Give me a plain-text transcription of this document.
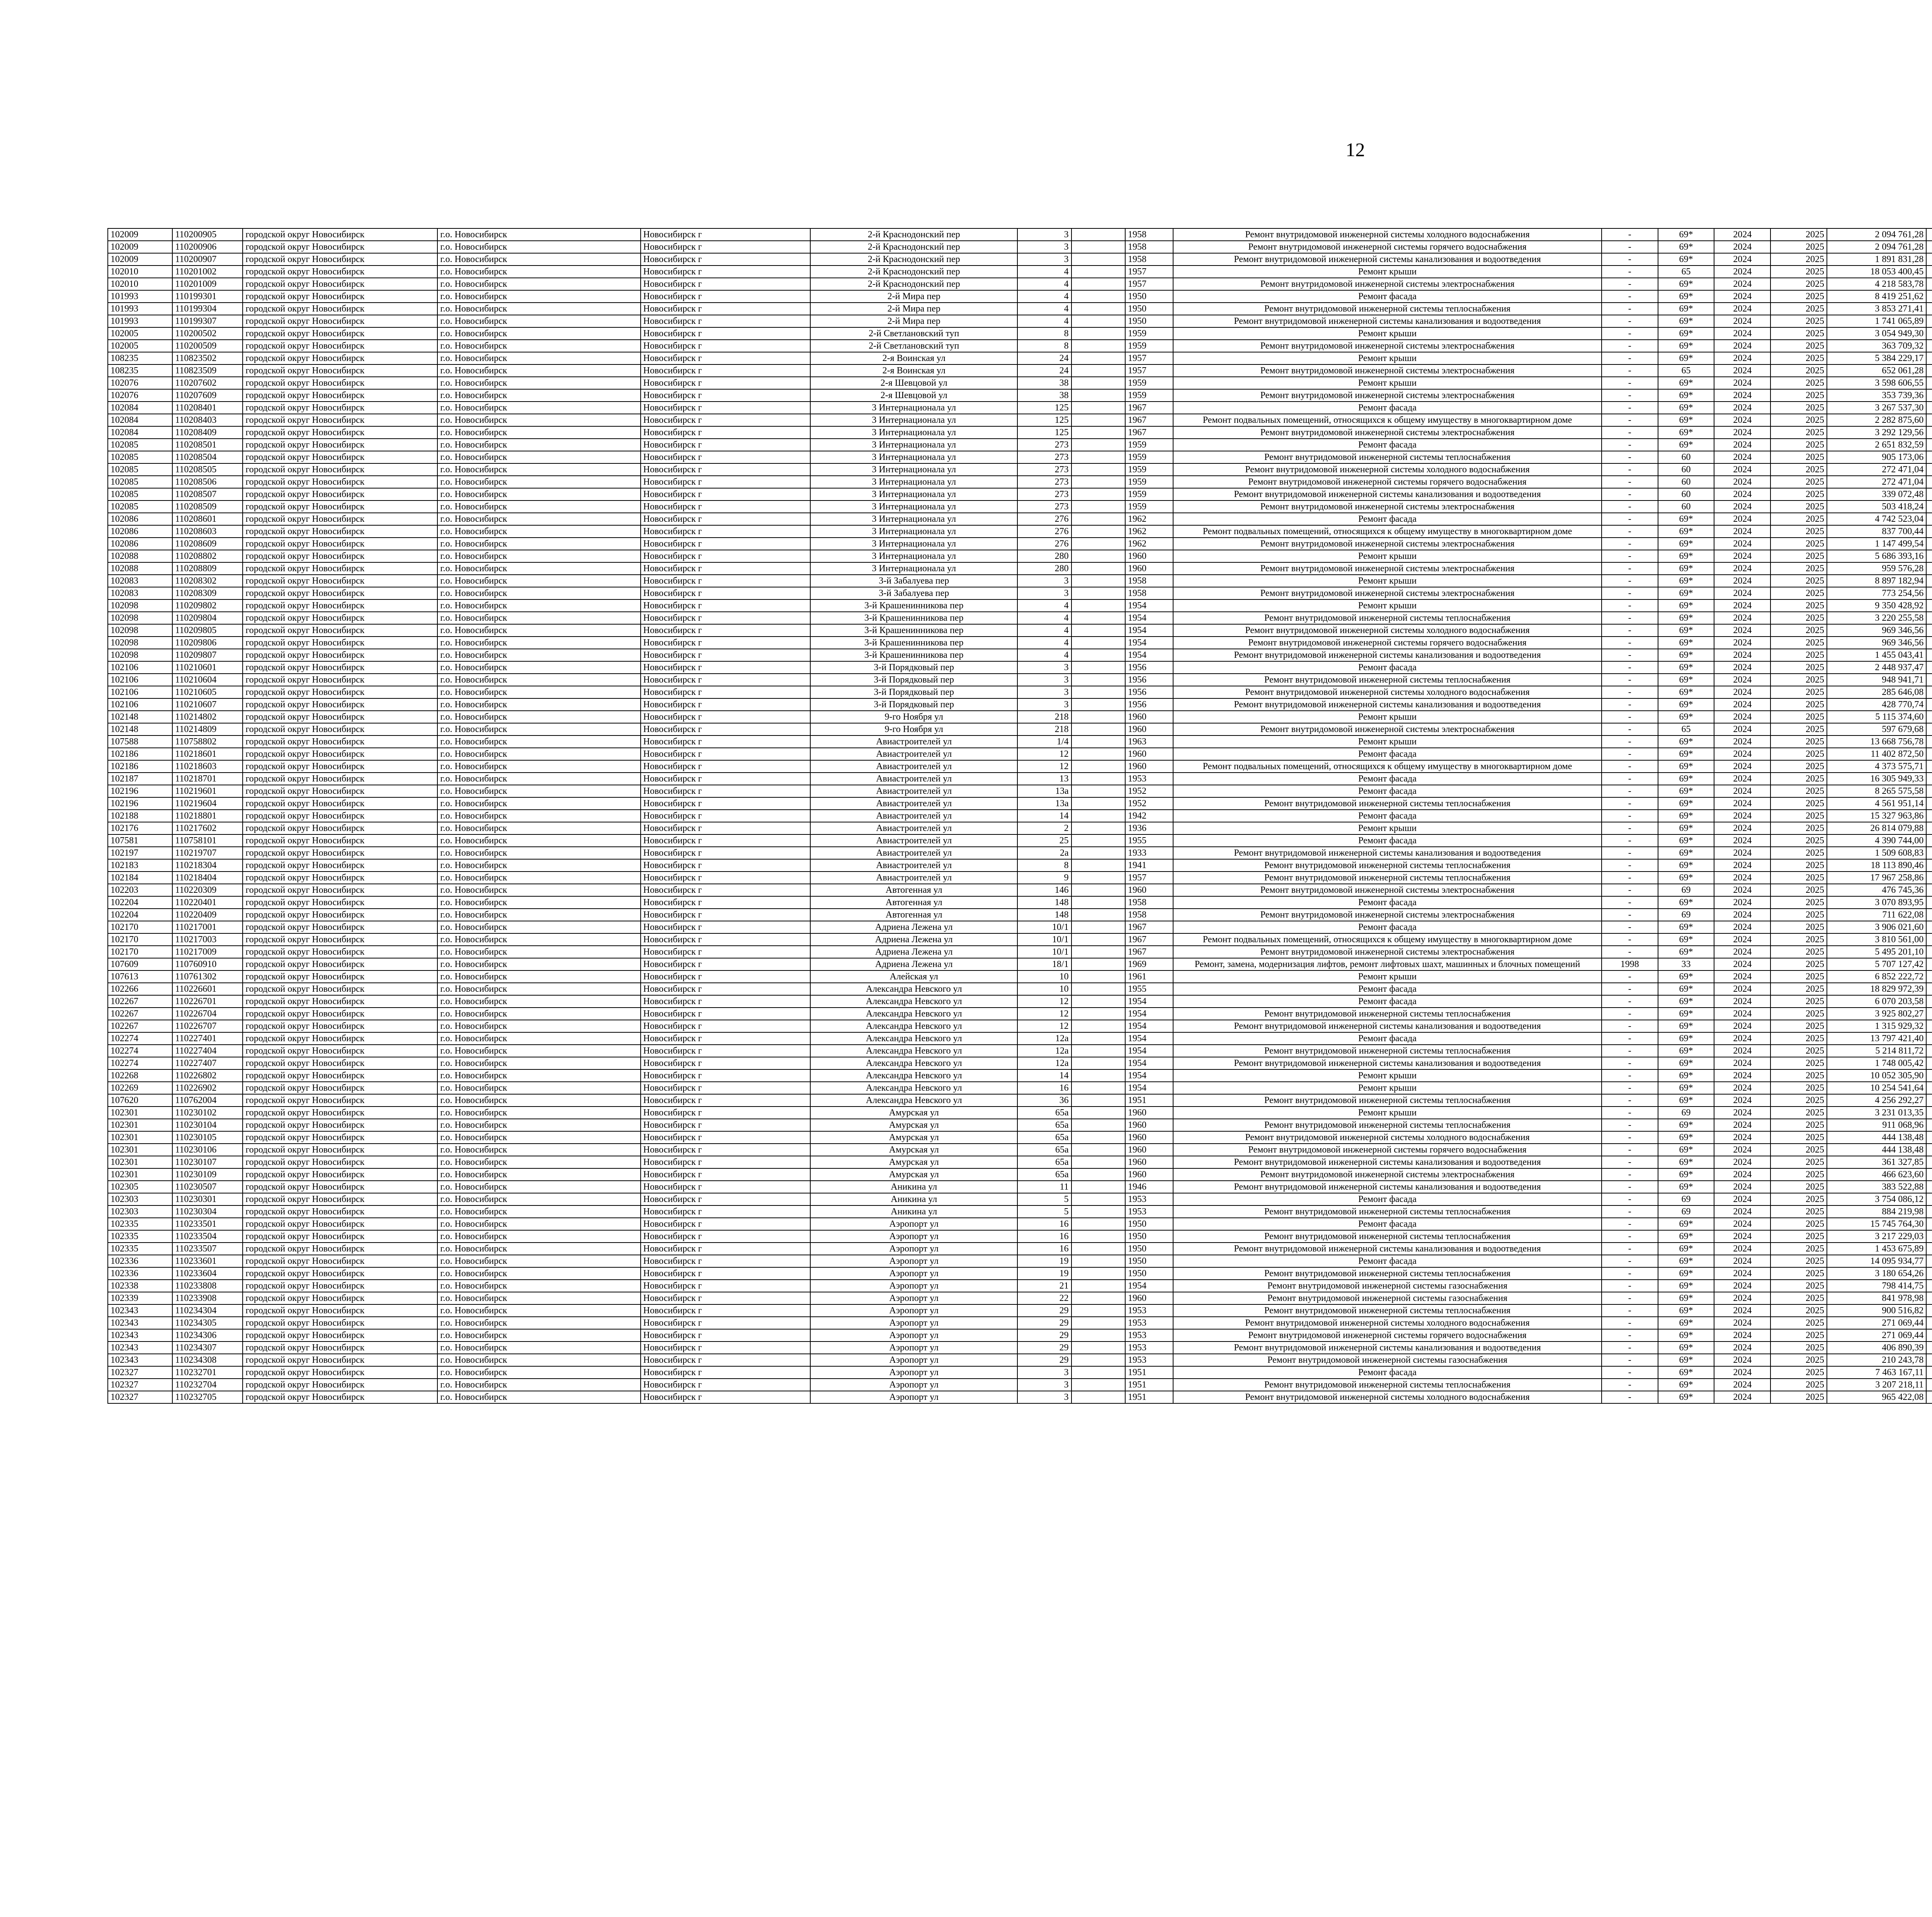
12
102009	110200905	городской округ Новосибирск	г.о. Новосибирск	Новосибирск г	2-й Краснодонский пер	3		1958	Ремонт внутридомовой инженерной системы холодного водоснабжения	-	69*	2024	2025	2 094 761,28						
102009	110200906	городской округ Новосибирск	г.о. Новосибирск	Новосибирск г	2-й Краснодонский пер	3		1958	Ремонт внутридомовой инженерной системы горячего водоснабжения	-	69*	2024	2025	2 094 761,28						
102009	110200907	городской округ Новосибирск	г.о. Новосибирск	Новосибирск г	2-й Краснодонский пер	3		1958	Ремонт внутридомовой инженерной системы канализования и водоотведения	-	69*	2024	2025	1 891 831,28						
102010	110201002	городской округ Новосибирск	г.о. Новосибирск	Новосибирск г	2-й Краснодонский пер	4		1957	Ремонт крыши	-	65	2024	2025	18 053 400,45						
102010	110201009	городской округ Новосибирск	г.о. Новосибирск	Новосибирск г	2-й Краснодонский пер	4		1957	Ремонт внутридомовой инженерной системы электроснабжения	-	69*	2024	2025	4 218 583,78						
101993	110199301	городской округ Новосибирск	г.о. Новосибирск	Новосибирск г	2-й Мира пер	4		1950	Ремонт фасада	-	69*	2024	2025	8 419 251,62						
101993	110199304	городской округ Новосибирск	г.о. Новосибирск	Новосибирск г	2-й Мира пер	4		1950	Ремонт внутридомовой инженерной системы теплоснабжения	-	69*	2024	2025	3 853 271,41						
101993	110199307	городской округ Новосибирск	г.о. Новосибирск	Новосибирск г	2-й Мира пер	4		1950	Ремонт внутридомовой инженерной системы канализования и водоотведения	-	69*	2024	2025	1 741 065,89						
102005	110200502	городской округ Новосибирск	г.о. Новосибирск	Новосибирск г	2-й Светлановский туп	8		1959	Ремонт крыши	-	69*	2024	2025	3 054 949,30						
102005	110200509	городской округ Новосибирск	г.о. Новосибирск	Новосибирск г	2-й Светлановский туп	8		1959	Ремонт внутридомовой инженерной системы электроснабжения	-	69*	2024	2025	363 709,32						
108235	110823502	городской округ Новосибирск	г.о. Новосибирск	Новосибирск г	2-я Воинская ул	24		1957	Ремонт крыши	-	69*	2024	2025	5 384 229,17						
108235	110823509	городской округ Новосибирск	г.о. Новосибирск	Новосибирск г	2-я Воинская ул	24		1957	Ремонт внутридомовой инженерной системы электроснабжения	-	65	2024	2025	652 061,28						
102076	110207602	городской округ Новосибирск	г.о. Новосибирск	Новосибирск г	2-я Шевцовой ул	38		1959	Ремонт крыши	-	69*	2024	2025	3 598 606,55						
102076	110207609	городской округ Новосибирск	г.о. Новосибирск	Новосибирск г	2-я Шевцовой ул	38		1959	Ремонт внутридомовой инженерной системы электроснабжения	-	69*	2024	2025	353 739,36						
102084	110208401	городской округ Новосибирск	г.о. Новосибирск	Новосибирск г	3 Интернационала ул	125		1967	Ремонт фасада	-	69*	2024	2025	3 267 537,30						
102084	110208403	городской округ Новосибирск	г.о. Новосибирск	Новосибирск г	3 Интернационала ул	125		1967	Ремонт подвальных помещений, относящихся к общему имуществу в многоквартирном доме	-	69*	2024	2025	2 282 875,60						
102084	110208409	городской округ Новосибирск	г.о. Новосибирск	Новосибирск г	3 Интернационала ул	125		1967	Ремонт внутридомовой инженерной системы электроснабжения	-	69*	2024	2025	3 292 129,56						
102085	110208501	городской округ Новосибирск	г.о. Новосибирск	Новосибирск г	3 Интернационала ул	273		1959	Ремонт фасада	-	69*	2024	2025	2 651 832,59						
102085	110208504	городской округ Новосибирск	г.о. Новосибирск	Новосибирск г	3 Интернационала ул	273		1959	Ремонт внутридомовой инженерной системы теплоснабжения	-	60	2024	2025	905 173,06						
102085	110208505	городской округ Новосибирск	г.о. Новосибирск	Новосибирск г	3 Интернационала ул	273		1959	Ремонт внутридомовой инженерной системы холодного водоснабжения	-	60	2024	2025	272 471,04						
102085	110208506	городской округ Новосибирск	г.о. Новосибирск	Новосибирск г	3 Интернационала ул	273		1959	Ремонт внутридомовой инженерной системы горячего водоснабжения	-	60	2024	2025	272 471,04						
102085	110208507	городской округ Новосибирск	г.о. Новосибирск	Новосибирск г	3 Интернационала ул	273		1959	Ремонт внутридомовой инженерной системы канализования и водоотведения	-	60	2024	2025	339 072,48						
102085	110208509	городской округ Новосибирск	г.о. Новосибирск	Новосибирск г	3 Интернационала ул	273		1959	Ремонт внутридомовой инженерной системы электроснабжения	-	60	2024	2025	503 418,24						
102086	110208601	городской округ Новосибирск	г.о. Новосибирск	Новосибирск г	3 Интернационала ул	276		1962	Ремонт фасада	-	69*	2024	2025	4 742 523,04						
102086	110208603	городской округ Новосибирск	г.о. Новосибирск	Новосибирск г	3 Интернационала ул	276		1962	Ремонт подвальных помещений, относящихся к общему имуществу в многоквартирном доме	-	69*	2024	2025	837 700,44						
102086	110208609	городской округ Новосибирск	г.о. Новосибирск	Новосибирск г	3 Интернационала ул	276		1962	Ремонт внутридомовой инженерной системы электроснабжения	-	69*	2024	2025	1 147 499,54						
102088	110208802	городской округ Новосибирск	г.о. Новосибирск	Новосибирск г	3 Интернационала ул	280		1960	Ремонт крыши	-	69*	2024	2025	5 686 393,16						
102088	110208809	городской округ Новосибирск	г.о. Новосибирск	Новосибирск г	3 Интернационала ул	280		1960	Ремонт внутридомовой инженерной системы электроснабжения	-	69*	2024	2025	959 576,28						
102083	110208302	городской округ Новосибирск	г.о. Новосибирск	Новосибирск г	3-й Забалуева пер	3		1958	Ремонт крыши	-	69*	2024	2025	8 897 182,94						
102083	110208309	городской округ Новосибирск	г.о. Новосибирск	Новосибирск г	3-й Забалуева пер	3		1958	Ремонт внутридомовой инженерной системы электроснабжения	-	69*	2024	2025	773 254,56						
102098	110209802	городской округ Новосибирск	г.о. Новосибирск	Новосибирск г	3-й Крашенинникова пер	4		1954	Ремонт крыши	-	69*	2024	2025	9 350 428,92						
102098	110209804	городской округ Новосибирск	г.о. Новосибирск	Новосибирск г	3-й Крашенинникова пер	4		1954	Ремонт внутридомовой инженерной системы теплоснабжения	-	69*	2024	2025	3 220 255,58						
102098	110209805	городской округ Новосибирск	г.о. Новосибирск	Новосибирск г	3-й Крашенинникова пер	4		1954	Ремонт внутридомовой инженерной системы холодного водоснабжения	-	69*	2024	2025	969 346,56						
102098	110209806	городской округ Новосибирск	г.о. Новосибирск	Новосибирск г	3-й Крашенинникова пер	4		1954	Ремонт внутридомовой инженерной системы горячего водоснабжения	-	69*	2024	2025	969 346,56						
102098	110209807	городской округ Новосибирск	г.о. Новосибирск	Новосибирск г	3-й Крашенинникова пер	4		1954	Ремонт внутридомовой инженерной системы канализования и водоотведения	-	69*	2024	2025	1 455 043,41						
102106	110210601	городской округ Новосибирск	г.о. Новосибирск	Новосибирск г	3-й Порядковый пер	3		1956	Ремонт фасада	-	69*	2024	2025	2 448 937,47						
102106	110210604	городской округ Новосибирск	г.о. Новосибирск	Новосибирск г	3-й Порядковый пер	3		1956	Ремонт внутридомовой инженерной системы теплоснабжения	-	69*	2024	2025	948 941,71						
102106	110210605	городской округ Новосибирск	г.о. Новосибирск	Новосибирск г	3-й Порядковый пер	3		1956	Ремонт внутридомовой инженерной системы холодного водоснабжения	-	69*	2024	2025	285 646,08						
102106	110210607	городской округ Новосибирск	г.о. Новосибирск	Новосибирск г	3-й Порядковый пер	3		1956	Ремонт внутридомовой инженерной системы канализования и водоотведения	-	69*	2024	2025	428 770,74						
102148	110214802	городской округ Новосибирск	г.о. Новосибирск	Новосибирск г	9-го Ноября ул	218		1960	Ремонт крыши	-	69*	2024	2025	5 115 374,60						
102148	110214809	городской округ Новосибирск	г.о. Новосибирск	Новосибирск г	9-го Ноября ул	218		1960	Ремонт внутридомовой инженерной системы электроснабжения	-	65	2024	2025	597 679,68						
107588	110758802	городской округ Новосибирск	г.о. Новосибирск	Новосибирск г	Авиастроителей ул	1/4		1963	Ремонт крыши	-	69*	2024	2025	13 668 756,78						
102186	110218601	городской округ Новосибирск	г.о. Новосибирск	Новосибирск г	Авиастроителей ул	12		1960	Ремонт фасада	-	69*	2024	2025	11 402 872,50						
102186	110218603	городской округ Новосибирск	г.о. Новосибирск	Новосибирск г	Авиастроителей ул	12		1960	Ремонт подвальных помещений, относящихся к общему имуществу в многоквартирном доме	-	69*	2024	2025	4 373 575,71						
102187	110218701	городской округ Новосибирск	г.о. Новосибирск	Новосибирск г	Авиастроителей ул	13		1953	Ремонт фасада	-	69*	2024	2025	16 305 949,33						
102196	110219601	городской округ Новосибирск	г.о. Новосибирск	Новосибирск г	Авиастроителей ул	13а		1952	Ремонт фасада	-	69*	2024	2025	8 265 575,58						
102196	110219604	городской округ Новосибирск	г.о. Новосибирск	Новосибирск г	Авиастроителей ул	13а		1952	Ремонт внутридомовой инженерной системы теплоснабжения	-	69*	2024	2025	4 561 951,14						
102188	110218801	городской округ Новосибирск	г.о. Новосибирск	Новосибирск г	Авиастроителей ул	14		1942	Ремонт фасада	-	69*	2024	2025	15 327 963,86						
102176	110217602	городской округ Новосибирск	г.о. Новосибирск	Новосибирск г	Авиастроителей ул	2		1936	Ремонт крыши	-	69*	2024	2025	26 814 079,88						
107581	110758101	городской округ Новосибирск	г.о. Новосибирск	Новосибирск г	Авиастроителей ул	25		1955	Ремонт фасада	-	69*	2024	2025	4 390 744,00						
102197	110219707	городской округ Новосибирск	г.о. Новосибирск	Новосибирск г	Авиастроителей ул	2а		1933	Ремонт внутридомовой инженерной системы канализования и водоотведения	-	69*	2024	2025	1 509 608,83						
102183	110218304	городской округ Новосибирск	г.о. Новосибирск	Новосибирск г	Авиастроителей ул	8		1941	Ремонт внутридомовой инженерной системы теплоснабжения	-	69*	2024	2025	18 113 890,46						
102184	110218404	городской округ Новосибирск	г.о. Новосибирск	Новосибирск г	Авиастроителей ул	9		1957	Ремонт внутридомовой инженерной системы теплоснабжения	-	69*	2024	2025	17 967 258,86						
102203	110220309	городской округ Новосибирск	г.о. Новосибирск	Новосибирск г	Автогенная ул	146		1960	Ремонт внутридомовой инженерной системы электроснабжения	-	69	2024	2025	476 745,36						
102204	110220401	городской округ Новосибирск	г.о. Новосибирск	Новосибирск г	Автогенная ул	148		1958	Ремонт фасада	-	69*	2024	2025	3 070 893,95						
102204	110220409	городской округ Новосибирск	г.о. Новосибирск	Новосибирск г	Автогенная ул	148		1958	Ремонт внутридомовой инженерной системы электроснабжения	-	69	2024	2025	711 622,08						
102170	110217001	городской округ Новосибирск	г.о. Новосибирск	Новосибирск г	Адриена Лежена ул	10/1		1967	Ремонт фасада	-	69*	2024	2025	3 906 021,60						
102170	110217003	городской округ Новосибирск	г.о. Новосибирск	Новосибирск г	Адриена Лежена ул	10/1		1967	Ремонт подвальных помещений, относящихся к общему имуществу в многоквартирном доме	-	69*	2024	2025	3 810 561,00						
102170	110217009	городской округ Новосибирск	г.о. Новосибирск	Новосибирск г	Адриена Лежена ул	10/1		1967	Ремонт внутридомовой инженерной системы электроснабжения	-	69*	2024	2025	5 495 201,10						
107609	110760910	городской округ Новосибирск	г.о. Новосибирск	Новосибирск г	Адриена Лежена ул	18/1		1969	Ремонт, замена, модернизация лифтов, ремонт лифтовых шахт, машинных и блочных помещений	1998	33	2024	2025	5 707 127,42						
107613	110761302	городской округ Новосибирск	г.о. Новосибирск	Новосибирск г	Алейская ул	10		1961	Ремонт крыши	-	69*	2024	2025	6 852 222,72						
102266	110226601	городской округ Новосибирск	г.о. Новосибирск	Новосибирск г	Александра Невского ул	10		1955	Ремонт фасада	-	69*	2024	2025	18 829 972,39						
102267	110226701	городской округ Новосибирск	г.о. Новосибирск	Новосибирск г	Александра Невского ул	12		1954	Ремонт фасада	-	69*	2024	2025	6 070 203,58						
102267	110226704	городской округ Новосибирск	г.о. Новосибирск	Новосибирск г	Александра Невского ул	12		1954	Ремонт внутридомовой инженерной системы теплоснабжения	-	69*	2024	2025	3 925 802,27						
102267	110226707	городской округ Новосибирск	г.о. Новосибирск	Новосибирск г	Александра Невского ул	12		1954	Ремонт внутридомовой инженерной системы канализования и водоотведения	-	69*	2024	2025	1 315 929,32						
102274	110227401	городской округ Новосибирск	г.о. Новосибирск	Новосибирск г	Александра Невского ул	12а		1954	Ремонт фасада	-	69*	2024	2025	13 797 421,40						
102274	110227404	городской округ Новосибирск	г.о. Новосибирск	Новосибирск г	Александра Невского ул	12а		1954	Ремонт внутридомовой инженерной системы теплоснабжения	-	69*	2024	2025	5 214 811,72						
102274	110227407	городской округ Новосибирск	г.о. Новосибирск	Новосибирск г	Александра Невского ул	12а		1954	Ремонт внутридомовой инженерной системы канализования и водоотведения	-	69*	2024	2025	1 748 005,42						
102268	110226802	городской округ Новосибирск	г.о. Новосибирск	Новосибирск г	Александра Невского ул	14		1954	Ремонт крыши	-	69*	2024	2025	10 052 305,90						
102269	110226902	городской округ Новосибирск	г.о. Новосибирск	Новосибирск г	Александра Невского ул	16		1954	Ремонт крыши	-	69*	2024	2025	10 254 541,64						
107620	110762004	городской округ Новосибирск	г.о. Новосибирск	Новосибирск г	Александра Невского ул	36		1951	Ремонт внутридомовой инженерной системы теплоснабжения	-	69*	2024	2025	4 256 292,27						
102301	110230102	городской округ Новосибирск	г.о. Новосибирск	Новосибирск г	Амурская ул	65а		1960	Ремонт крыши	-	69	2024	2025	3 231 013,35						
102301	110230104	городской округ Новосибирск	г.о. Новосибирск	Новосибирск г	Амурская ул	65а		1960	Ремонт внутридомовой инженерной системы теплоснабжения	-	69*	2024	2025	911 068,96						
102301	110230105	городской округ Новосибирск	г.о. Новосибирск	Новосибирск г	Амурская ул	65а		1960	Ремонт внутридомовой инженерной системы холодного водоснабжения	-	69*	2024	2025	444 138,48						
102301	110230106	городской округ Новосибирск	г.о. Новосибирск	Новосибирск г	Амурская ул	65а		1960	Ремонт внутридомовой инженерной системы горячего водоснабжения	-	69*	2024	2025	444 138,48						
102301	110230107	городской округ Новосибирск	г.о. Новосибирск	Новосибирск г	Амурская ул	65а		1960	Ремонт внутридомовой инженерной системы канализования и водоотведения	-	69*	2024	2025	361 327,85						
102301	110230109	городской округ Новосибирск	г.о. Новосибирск	Новосибирск г	Амурская ул	65а		1960	Ремонт внутридомовой инженерной системы электроснабжения	-	69*	2024	2025	466 623,60						
102305	110230507	городской округ Новосибирск	г.о. Новосибирск	Новосибирск г	Аникина ул	11		1946	Ремонт внутридомовой инженерной системы канализования и водоотведения	-	69*	2024	2025	383 522,88						
102303	110230301	городской округ Новосибирск	г.о. Новосибирск	Новосибирск г	Аникина ул	5		1953	Ремонт фасада	-	69	2024	2025	3 754 086,12						
102303	110230304	городской округ Новосибирск	г.о. Новосибирск	Новосибирск г	Аникина ул	5		1953	Ремонт внутридомовой инженерной системы теплоснабжения	-	69	2024	2025	884 219,98						
102335	110233501	городской округ Новосибирск	г.о. Новосибирск	Новосибирск г	Аэропорт ул	16		1950	Ремонт фасада	-	69*	2024	2025	15 745 764,30						
102335	110233504	городской округ Новосибирск	г.о. Новосибирск	Новосибирск г	Аэропорт ул	16		1950	Ремонт внутридомовой инженерной системы теплоснабжения	-	69*	2024	2025	3 217 229,03						
102335	110233507	городской округ Новосибирск	г.о. Новосибирск	Новосибирск г	Аэропорт ул	16		1950	Ремонт внутридомовой инженерной системы канализования и водоотведения	-	69*	2024	2025	1 453 675,89						
102336	110233601	городской округ Новосибирск	г.о. Новосибирск	Новосибирск г	Аэропорт ул	19		1950	Ремонт фасада	-	69*	2024	2025	14 095 934,77						
102336	110233604	городской округ Новосибирск	г.о. Новосибирск	Новосибирск г	Аэропорт ул	19		1950	Ремонт внутридомовой инженерной системы теплоснабжения	-	69*	2024	2025	3 180 654,26						
102338	110233808	городской округ Новосибирск	г.о. Новосибирск	Новосибирск г	Аэропорт ул	21		1954	Ремонт внутридомовой инженерной системы газоснабжения	-	69*	2024	2025	798 414,75						
102339	110233908	городской округ Новосибирск	г.о. Новосибирск	Новосибирск г	Аэропорт ул	22		1960	Ремонт внутридомовой инженерной системы газоснабжения	-	69*	2024	2025	841 978,98						
102343	110234304	городской округ Новосибирск	г.о. Новосибирск	Новосибирск г	Аэропорт ул	29		1953	Ремонт внутридомовой инженерной системы теплоснабжения	-	69*	2024	2025	900 516,82						
102343	110234305	городской округ Новосибирск	г.о. Новосибирск	Новосибирск г	Аэропорт ул	29		1953	Ремонт внутридомовой инженерной системы холодного водоснабжения	-	69*	2024	2025	271 069,44						
102343	110234306	городской округ Новосибирск	г.о. Новосибирск	Новосибирск г	Аэропорт ул	29		1953	Ремонт внутридомовой инженерной системы горячего водоснабжения	-	69*	2024	2025	271 069,44						
102343	110234307	городской округ Новосибирск	г.о. Новосибирск	Новосибирск г	Аэропорт ул	29		1953	Ремонт внутридомовой инженерной системы канализования и водоотведения	-	69*	2024	2025	406 890,39						
102343	110234308	городской округ Новосибирск	г.о. Новосибирск	Новосибирск г	Аэропорт ул	29		1953	Ремонт внутридомовой инженерной системы газоснабжения	-	69*	2024	2025	210 243,78						
102327	110232701	городской округ Новосибирск	г.о. Новосибирск	Новосибирск г	Аэропорт ул	3		1951	Ремонт фасада	-	69*	2024	2025	7 463 167,11						
102327	110232704	городской округ Новосибирск	г.о. Новосибирск	Новосибирск г	Аэропорт ул	3		1951	Ремонт внутридомовой инженерной системы теплоснабжения	-	69*	2024	2025	3 207 218,11						
102327	110232705	городской округ Новосибирск	г.о. Новосибирск	Новосибирск г	Аэропорт ул	3		1951	Ремонт внутридомовой инженерной системы холодного водоснабжения	-	69*	2024	2025	965 422,08						
